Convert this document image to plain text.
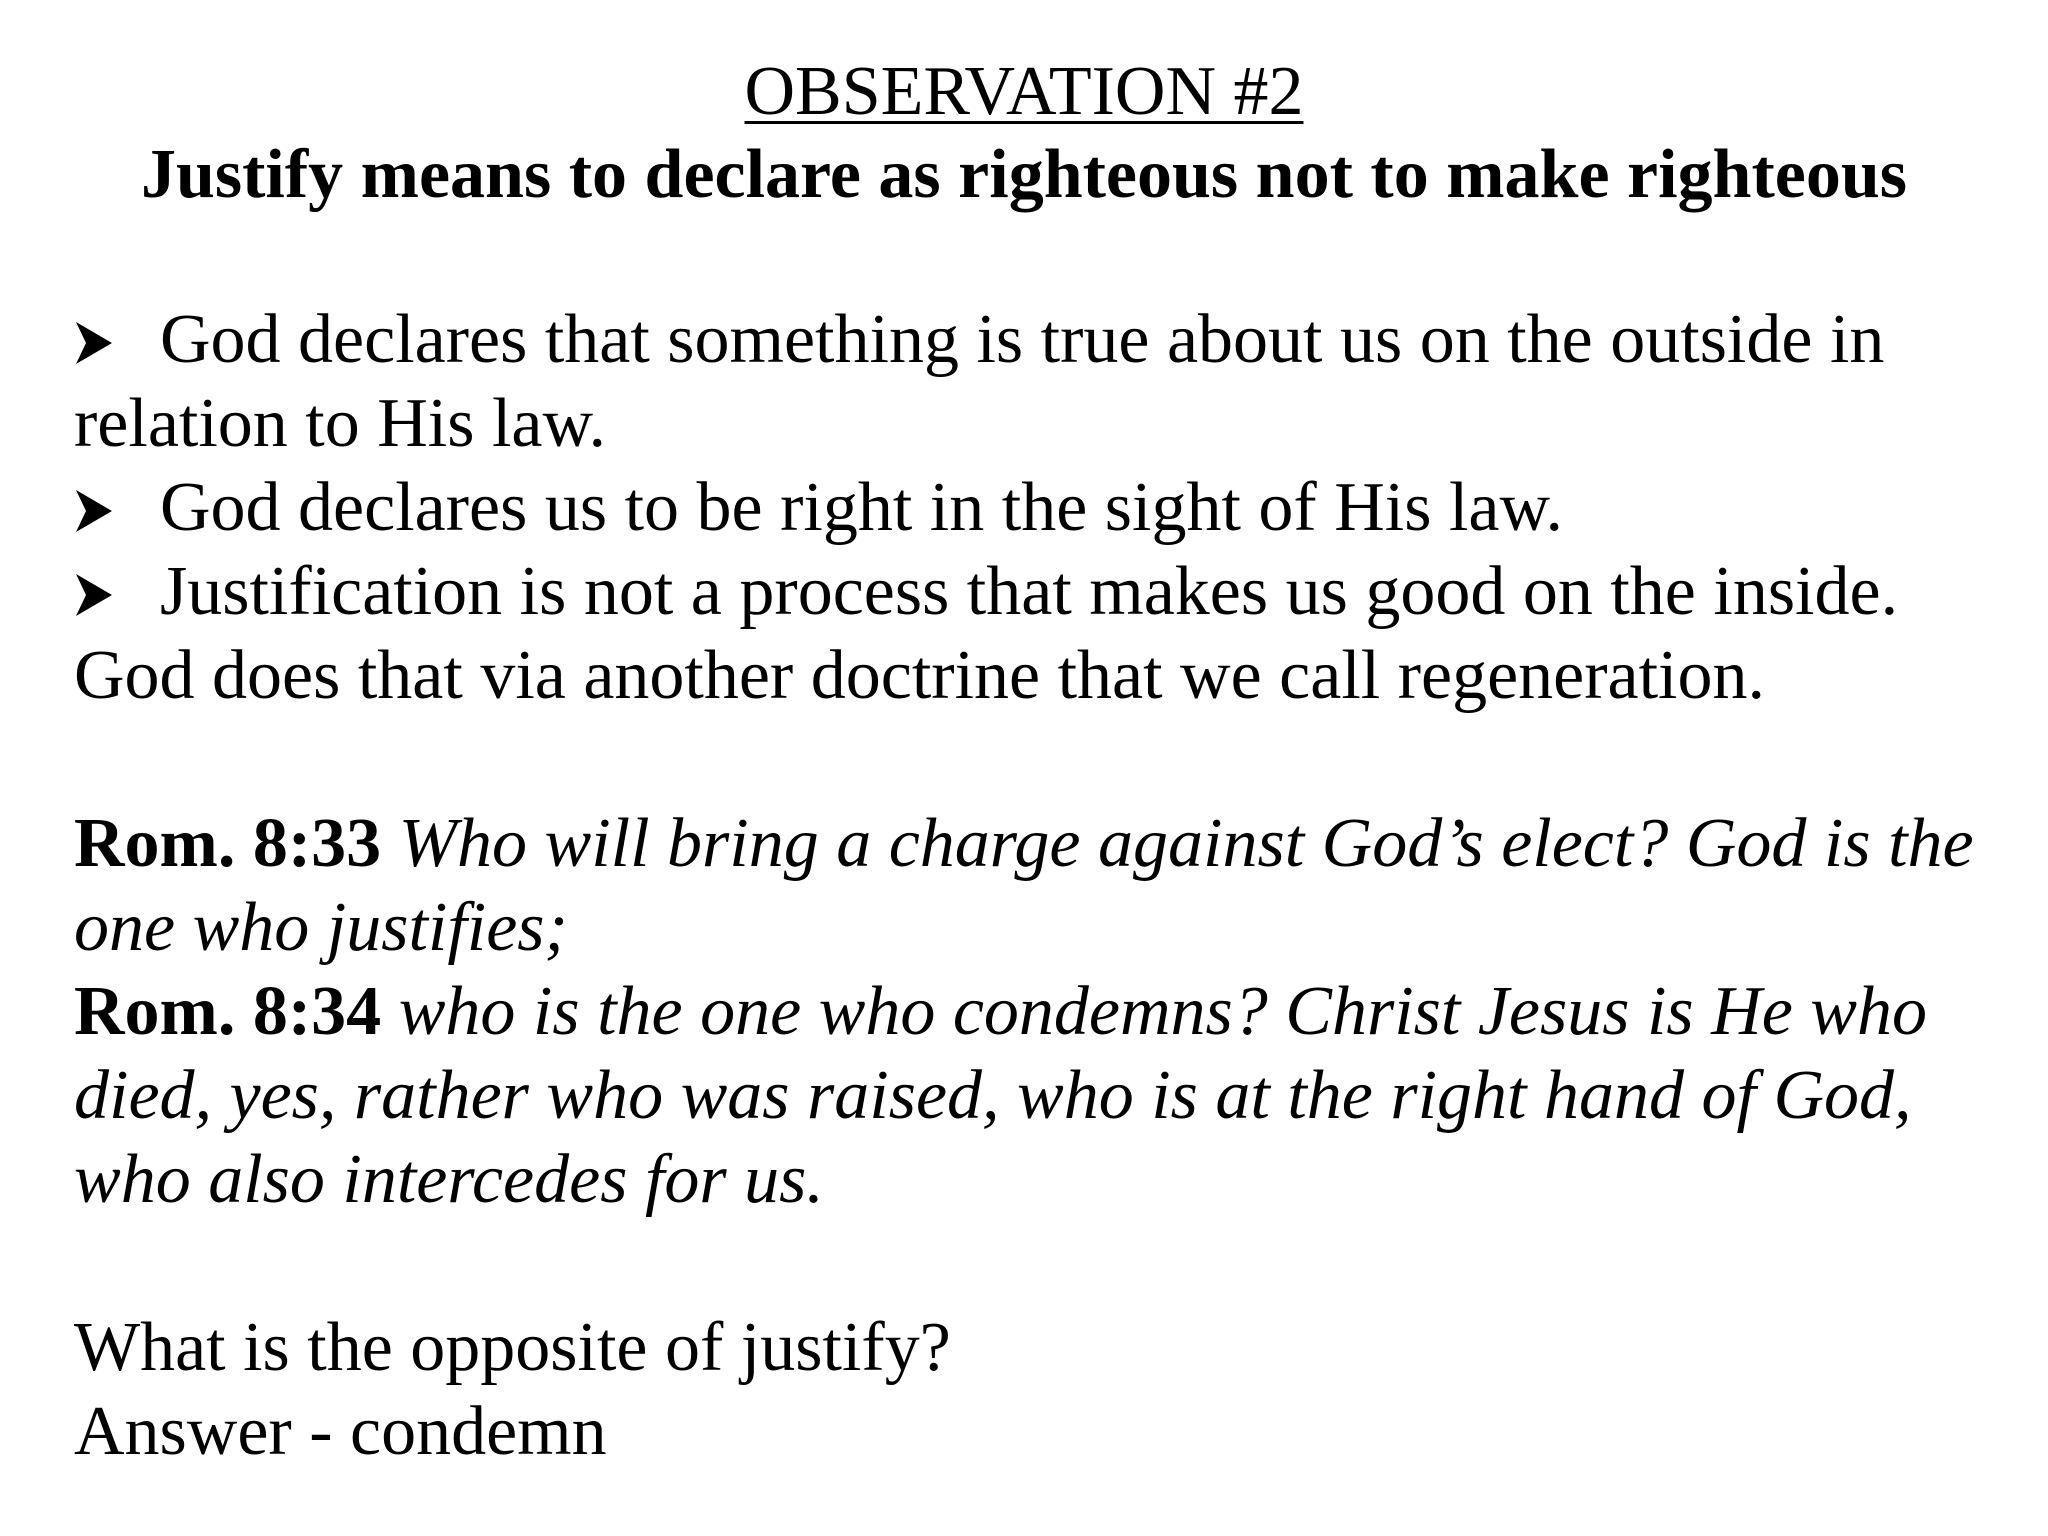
OBSERVATION #2
Justify means to declare as righteous not to make righteous

God declares that something is true about us on the outside in

relation to His law.

God declares us to be right in the sight of His law.

Justification is not a process that makes us good on the inside.

God does that via another doctrine that we call regeneration.

Rom. 8:33 Who will bring a charge against God’s elect? God is the

one who justifies;

Rom. 8:34 who is the one who condemns? Christ Jesus is He who

died, yes, rather who was raised, who is at the right hand of God,

who also intercedes for us.

What is the opposite of justify?

Answer - condemn
